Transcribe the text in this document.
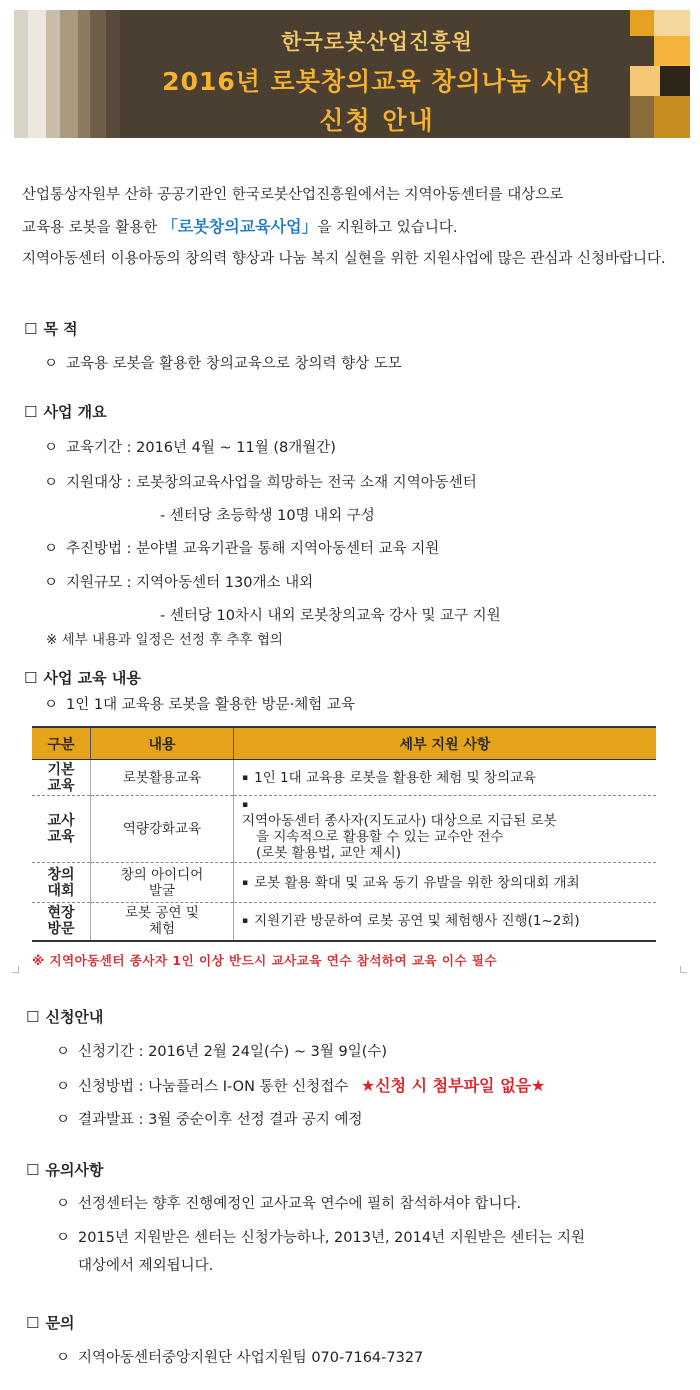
한국로봇산업진흥원
2016년 로봇창의교육 창의나눔 사업
신청 안내

산업통상자원부 산하 공공기관인 한국로봇산업진흥원에서는 지역아동센터를 대상으로

교육용 로봇을 활용한 「로봇창의교육사업」을 지원하고 있습니다.

지역아동센터 이용아동의 창의력 향상과 나눔 복지 실현을 위한 지원사업에 많은 관심과 신청바랍니다.

☐ 목 적
ㅇ 교육용 로봇을 활용한 창의교육으로 창의력 향상 도모
☐ 사업 개요
ㅇ 교육기간 : 2016년 4월 ~ 11월 (8개월간)
ㅇ 지원대상 : 로봇창의교육사업을 희망하는 전국 소재 지역아동센터
- 센터당 초등학생 10명 내외 구성
ㅇ 추진방법 : 분야별 교육기관을 통해 지역아동센터 교육 지원
ㅇ 지원규모 : 지역아동센터 130개소 내외
- 센터당 10차시 내외 로봇창의교육 강사 및 교구 지원
※ 세부 내용과 일정은 선정 후 추후 협의
☐ 사업 교육 내용
ㅇ 1인 1대 교육용 로봇을 활용한 방문·체험 교육
구분	내용	세부 지원 사항
기본
교육	로봇활용교육	▪ 1인 1대 교육용 로봇을 활용한 체험 및 창의교육
교사
교육	역량강화교육	▪
지역아동센터 종사자(지도교사) 대상으로 지급된 로봇
을 지속적으로 활용할 수 있는 교수안 전수
(로봇 활용법, 교안 제시)

창의
대회	창의 아이디어
발굴	▪ 로봇 활용 확대 및 교육 동기 유발을 위한 창의대회 개최
현장
방문	로봇 공연 및
체험	▪ 지원기관 방문하여 로봇 공연 및 체험행사 진행(1~2회)
※ 지역아동센터 종사자 1인 이상 반드시 교사교육 연수 참석하여 교육 이수 필수
☐ 신청안내
ㅇ 신청기간 : 2016년 2월 24일(수) ~ 3월 9일(수)
ㅇ 신청방법 : 나눔플러스 I-ON 통한 신청접수 ★신청 시 첨부파일 없음★
ㅇ 결과발표 : 3월 중순이후 선정 결과 공지 예정
☐ 유의사항
ㅇ 선정센터는 향후 진행예정인 교사교육 연수에 필히 참석하셔야 합니다.
ㅇ 2015년 지원받은 센터는 신청가능하나, 2013년, 2014년 지원받은 센터는 지원
대상에서 제외됩니다.
☐ 문의
ㅇ 지역아동센터중앙지원단 사업지원팀 070-7164-7327
